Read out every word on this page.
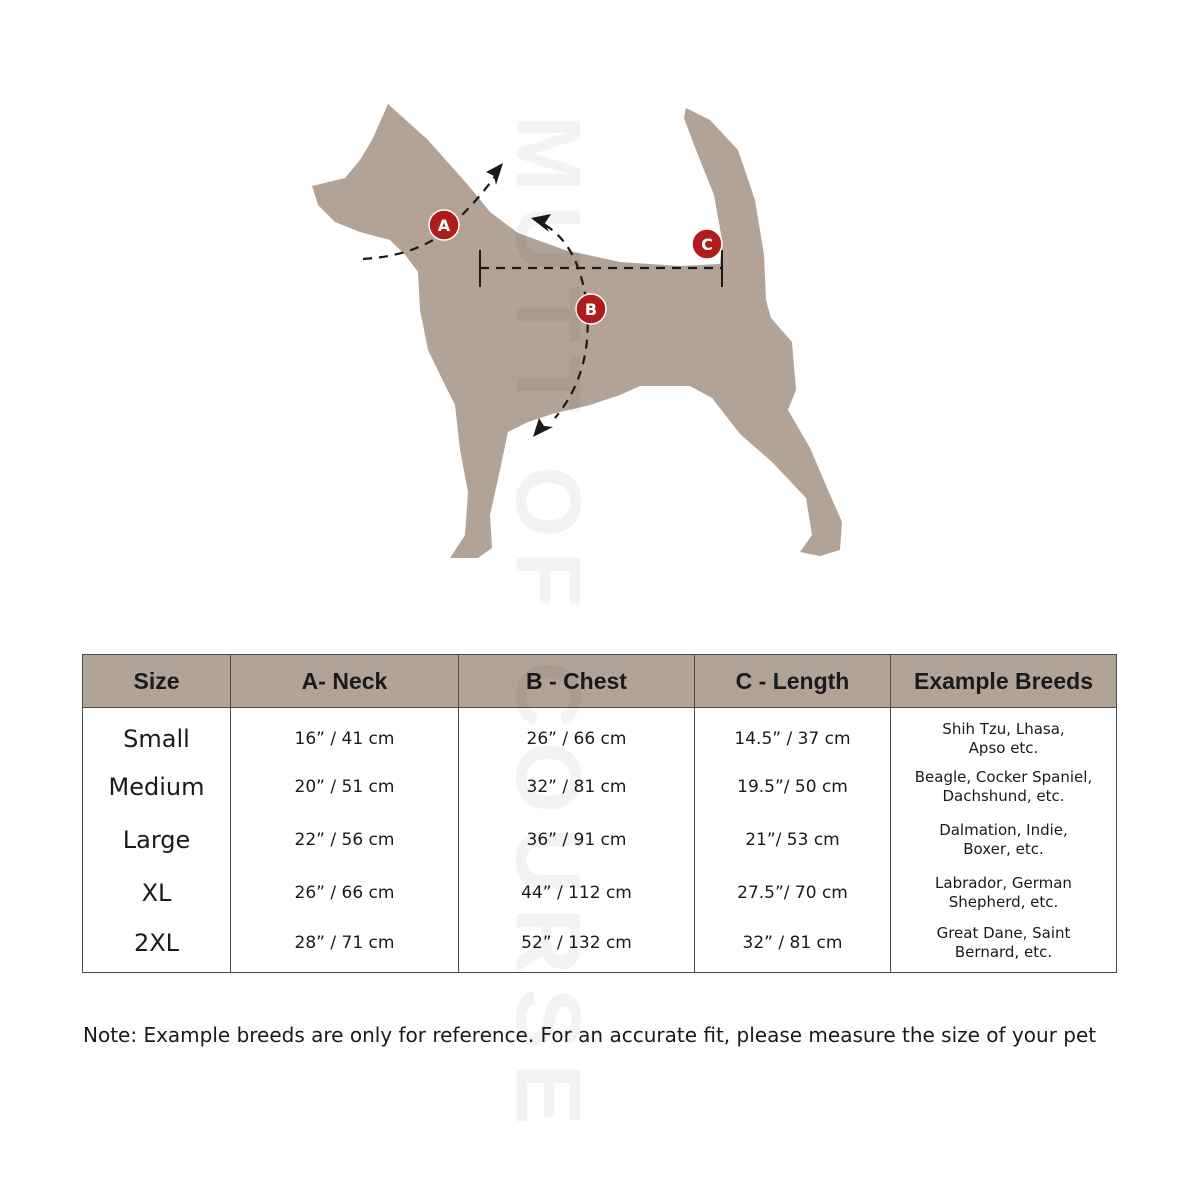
A
B
C
Size	A- Neck	B - Chest	C - Length	Example Breeds
Small	16” / 41 cm	26” / 66 cm	14.5” / 37 cm	Shih Tzu, Lhasa,
Apso etc.

Medium	20” / 51 cm	32” / 81 cm	19.5”/ 50 cm	Beagle, Cocker Spaniel,
Dachshund, etc.

Large	22” / 56 cm	36” / 91 cm	21”/ 53 cm	Dalmation, Indie,
Boxer, etc.

XL	26” / 66 cm	44” / 112 cm	27.5”/ 70 cm	Labrador, German
Shepherd, etc.

2XL	28” / 71 cm	52” / 132 cm	32” / 81 cm	Great Dane, Saint
Bernard, etc.
Note: Example breeds are only for reference. For an accurate fit, please measure the size of your pet
